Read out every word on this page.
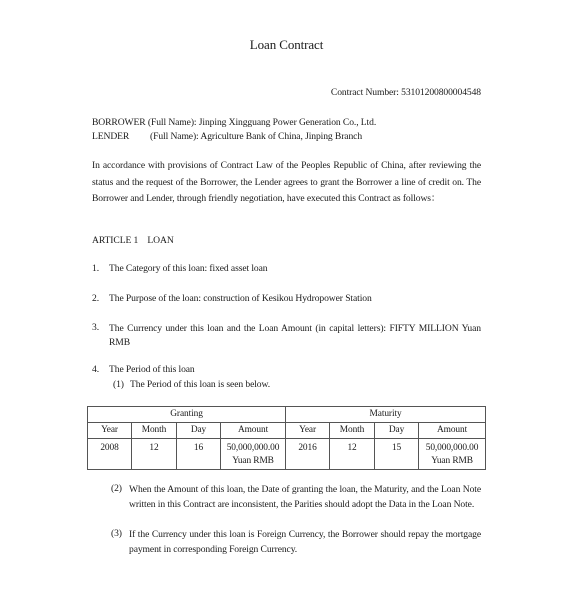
Loan Contract

Contract Number: 53101200800004548

BORROWER (Full Name): Jinping Xingguang Power Generation Co., Ltd.

LENDER (Full Name): Agriculture Bank of China, Jinping Branch

In accordance with provisions of Contract Law of the Peoples Republic of China, after reviewing the status and the request of the Borrower, the Lender agrees to grant the Borrower a line of credit on. The Borrower and Lender, through friendly negotiation, have executed this Contract as follows：

ARTICLE 1    LOAN

1. The Category of this loan: fixed asset loan

2. The Purpose of the loan: construction of Kesikou Hydropower Station

3. The Currency under this loan and the Loan Amount (in capital letters): FIFTY MILLION Yuan RMB

4. The Period of this loan

(1) The Period of this loan is seen below.

Granting				Maturity			
Year	Month	Day	Amount	Year	Month	Day	Amount
2008	12	16	50,000,000.00 Yuan RMB	2016	12	15	50,000,000.00 Yuan RMB

(2) When the Amount of this loan, the Date of granting the loan, the Maturity, and the Loan Note written in this Contract are inconsistent, the Parities should adopt the Data in the Loan Note.

(3) If the Currency under this loan is Foreign Currency, the Borrower should repay the mortgage payment in corresponding Foreign Currency.
